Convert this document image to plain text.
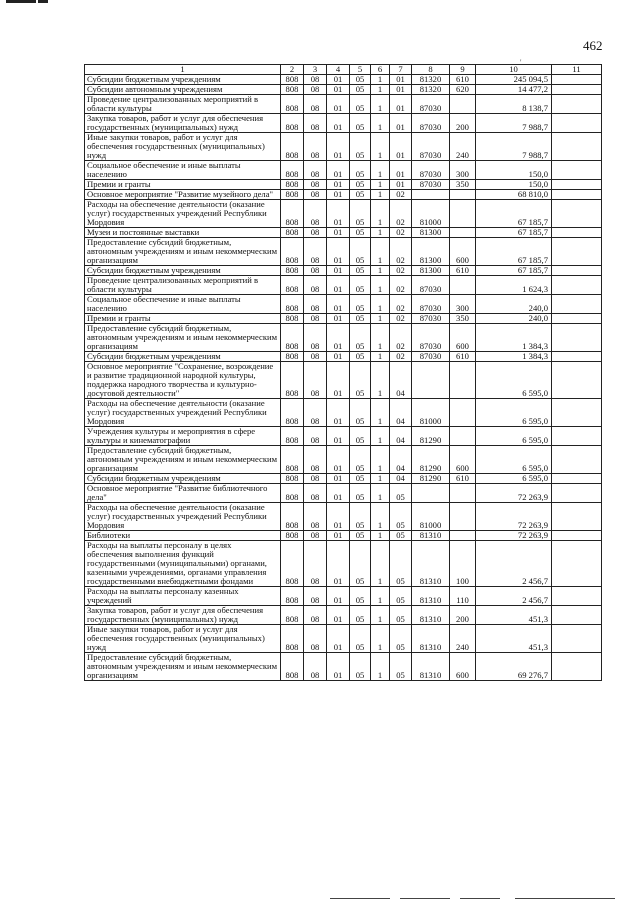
462
'
1	2	3	4	5	6	7	8	9	10	11
Субсидии бюджетным учреждениям	808	08	01	05	1	01	81320	610	245 094,5	
Субсидии автономным учреждениям	808	08	01	05	1	01	81320	620	14 477,2	
Проведение централизованных мероприятий в области культуры	808	08	01	05	1	01	87030		8 138,7	
Закупка товаров, работ и услуг для обеспечения государственных (муниципальных) нужд	808	08	01	05	1	01	87030	200	7 988,7	
Иные закупки товаров, работ и услуг для обеспечения государственных (муниципальных) нужд	808	08	01	05	1	01	87030	240	7 988,7	
Социальное обеспечение и иные выплаты населению	808	08	01	05	1	01	87030	300	150,0	
Премии и гранты	808	08	01	05	1	01	87030	350	150,0	
Основное мероприятие "Развитие музейного дела"	808	08	01	05	1	02			68 810,0	
Расходы на обеспечение деятельности (оказание услуг) государственных учреждений Республики Мордовия	808	08	01	05	1	02	81000		67 185,7	
Музеи и постоянные выставки	808	08	01	05	1	02	81300		67 185,7	
Предоставление субсидий бюджетным, автономным учреждениям и иным некоммерческим организациям	808	08	01	05	1	02	81300	600	67 185,7	
Субсидии бюджетным учреждениям	808	08	01	05	1	02	81300	610	67 185,7	
Проведение централизованных мероприятий в области культуры	808	08	01	05	1	02	87030		1 624,3	
Социальное обеспечение и иные выплаты населению	808	08	01	05	1	02	87030	300	240,0	
Премии и гранты	808	08	01	05	1	02	87030	350	240,0	
Предоставление субсидий бюджетным, автономным учреждениям и иным некоммерческим организациям	808	08	01	05	1	02	87030	600	1 384,3	
Субсидии бюджетным учреждениям	808	08	01	05	1	02	87030	610	1 384,3	
Основное мероприятие "Сохранение, возрождение и развитие традиционной народной культуры, поддержка народного творчества и культурно-досуговой деятельности"	808	08	01	05	1	04			6 595,0	
Расходы на обеспечение деятельности (оказание услуг) государственных учреждений Республики Мордовия	808	08	01	05	1	04	81000		6 595,0	
Учреждения культуры и мероприятия в сфере культуры и кинематографии	808	08	01	05	1	04	81290		6 595,0	
Предоставление субсидий бюджетным, автономным учреждениям и иным некоммерческим организациям	808	08	01	05	1	04	81290	600	6 595,0	
Субсидии бюджетным учреждениям	808	08	01	05	1	04	81290	610	6 595,0	
Основное мероприятие "Развитие библиотечного дела"	808	08	01	05	1	05			72 263,9	
Расходы на обеспечение деятельности (оказание услуг) государственных учреждений Республики Мордовия	808	08	01	05	1	05	81000		72 263,9	
Библиотеки	808	08	01	05	1	05	81310		72 263,9	
Расходы на выплаты персоналу в целях обеспечения выполнения функций государственными (муниципальными) органами, казенными учреждениями, органами управления государственными внебюджетными фондами	808	08	01	05	1	05	81310	100	2 456,7	
Расходы на выплаты персоналу казенных учреждений	808	08	01	05	1	05	81310	110	2 456,7	
Закупка товаров, работ и услуг для обеспечения государственных (муниципальных) нужд	808	08	01	05	1	05	81310	200	451,3	
Иные закупки товаров, работ и услуг для обеспечения государственных (муниципальных) нужд	808	08	01	05	1	05	81310	240	451,3	
Предоставление субсидий бюджетным, автономным учреждениям и иным некоммерческим организациям	808	08	01	05	1	05	81310	600	69 276,7	
